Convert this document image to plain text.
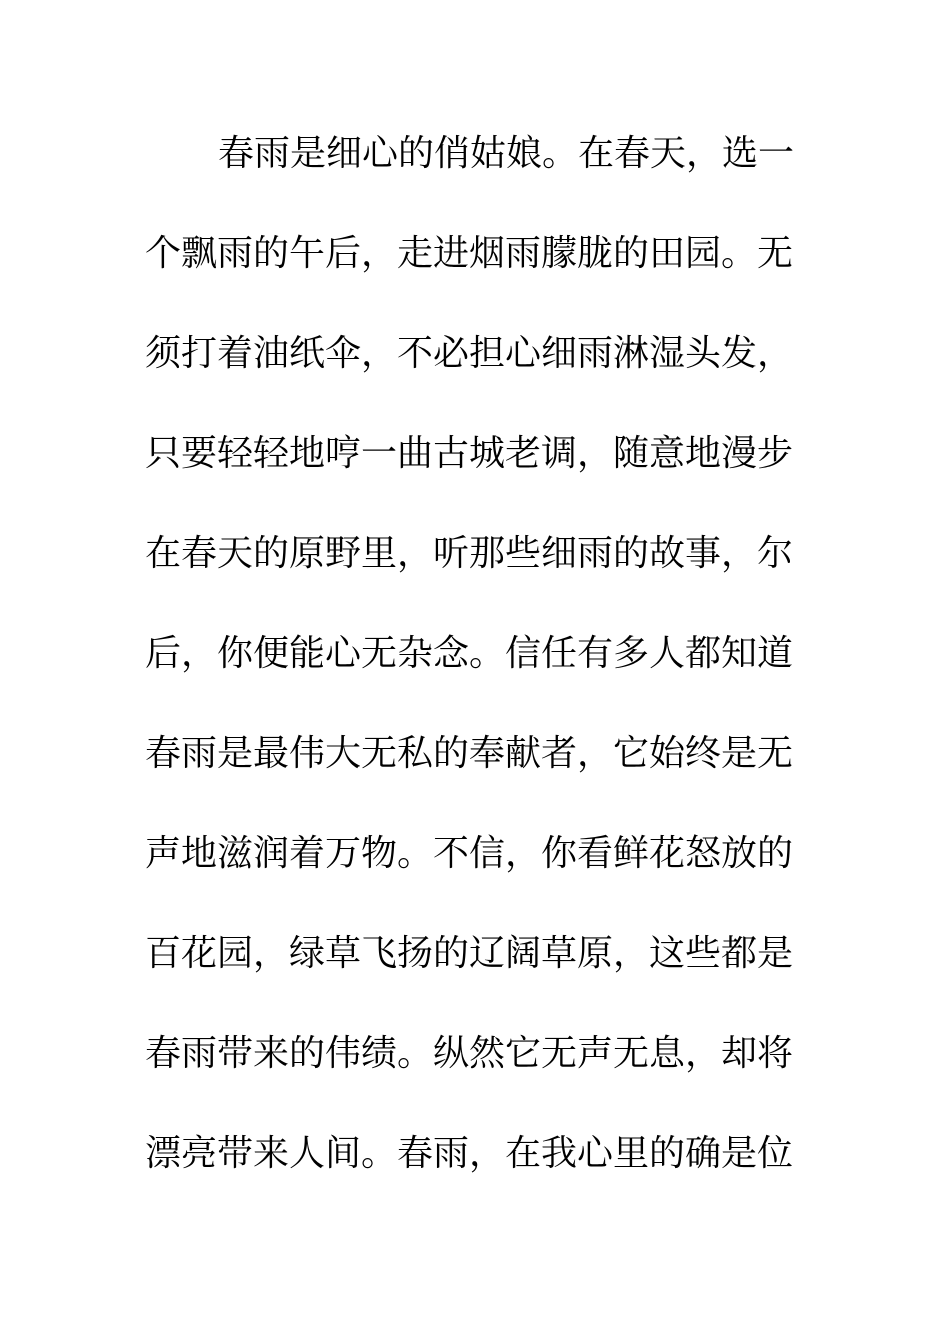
春雨是细心的俏姑娘。在春天，选一
个飘雨的午后，走进烟雨朦胧的田园。无
须打着油纸伞，不必担心细雨淋湿头发，
只要轻轻地哼一曲古城老调，随意地漫步
在春天的原野里，听那些细雨的故事，尔
后，你便能心无杂念。信任有多人都知道
春雨是最伟大无私的奉献者，它始终是无
声地滋润着万物。不信，你看鲜花怒放的
百花园，绿草飞扬的辽阔草原，这些都是
春雨带来的伟绩。纵然它无声无息，却将
漂亮带来人间。春雨，在我心里的确是位
